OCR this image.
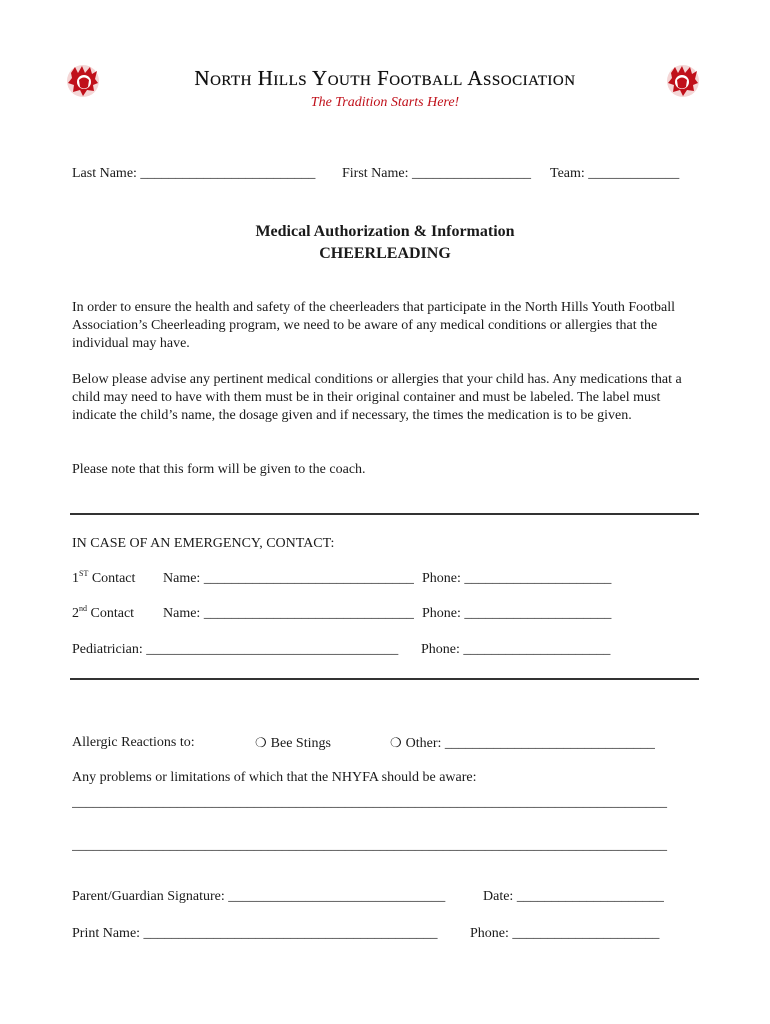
North Hills Youth Football Association
The Tradition Starts Here!
Last Name: _________________________ First Name: _________________ Team: _____________
Medical Authorization & Information
CHEERLEADING
In order to ensure the health and safety of the cheerleaders that participate in the North Hills Youth Football Association’s Cheerleading program, we need to be aware of any medical conditions or allergies that the individual may have.
Below please advise any pertinent medical conditions or allergies that your child has. Any medications that a child may need to have with them must be in their original container and must be labeled. The label must indicate the child’s name, the dosage given and if necessary, the times the medication is to be given.
Please note that this form will be given to the coach.
IN CASE OF AN EMERGENCY, CONTACT:
1ST Contact Name: ______________________________ Phone: _____________________
2nd Contact Name: ______________________________ Phone: _____________________
Pediatrician: ____________________________________ Phone: _____________________
Allergic Reactions to:	❍ Bee Stings	❍ Other: ______________________________
Any problems or limitations of which that the NHYFA should be aware:
_____________________________________________________________________________________
_____________________________________________________________________________________
Parent/Guardian Signature: _______________________________	Date: _____________________
Print Name: __________________________________________ Phone: _____________________
